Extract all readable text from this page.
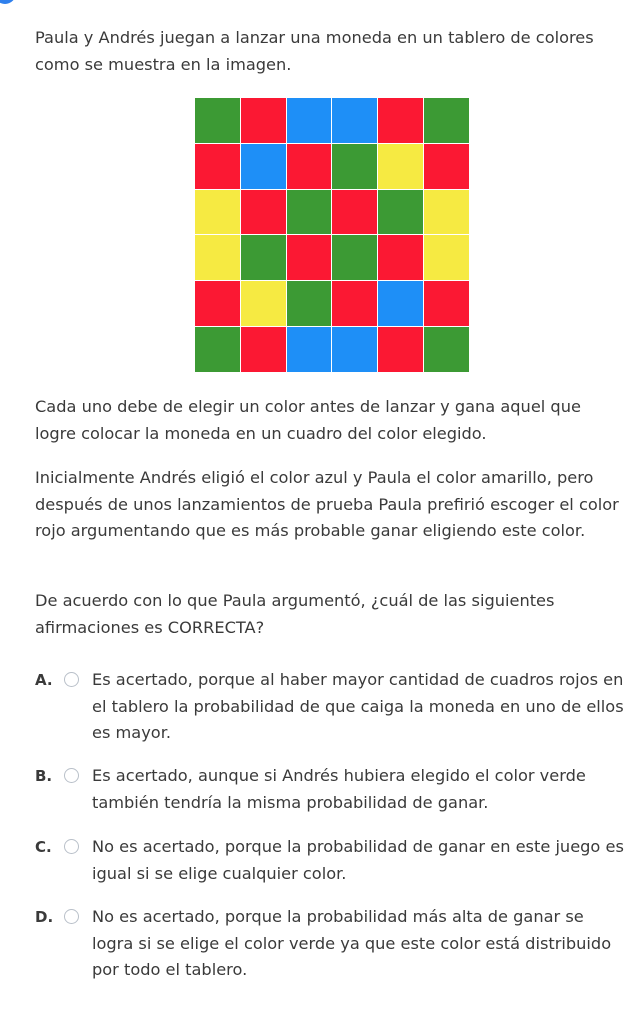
Paula y Andrés juegan a lanzar una moneda en un tablero de colores como se muestra en la imagen.

Cada uno debe de elegir un color antes de lanzar y gana aquel que logre colocar la moneda en un cuadro del color elegido.

Inicialmente Andrés eligió el color azul y Paula el color amarillo, pero después de unos lanzamientos de prueba Paula prefirió escoger el color rojo argumentando que es más probable ganar eligiendo este color.

De acuerdo con lo que Paula argumentó, ¿cuál de las siguientes afirmaciones es CORRECTA?

A. Es acertado, porque al haber mayor cantidad de cuadros rojos en el tablero la probabilidad de que caiga la moneda en uno de ellos es mayor.
B. Es acertado, aunque si Andrés hubiera elegido el color verde también tendría la misma probabilidad de ganar.
C. No es acertado, porque la probabilidad de ganar en este juego es igual si se elige cualquier color.
D. No es acertado, porque la probabilidad más alta de ganar se logra si se elige el color verde ya que este color está distribuido por todo el tablero.
